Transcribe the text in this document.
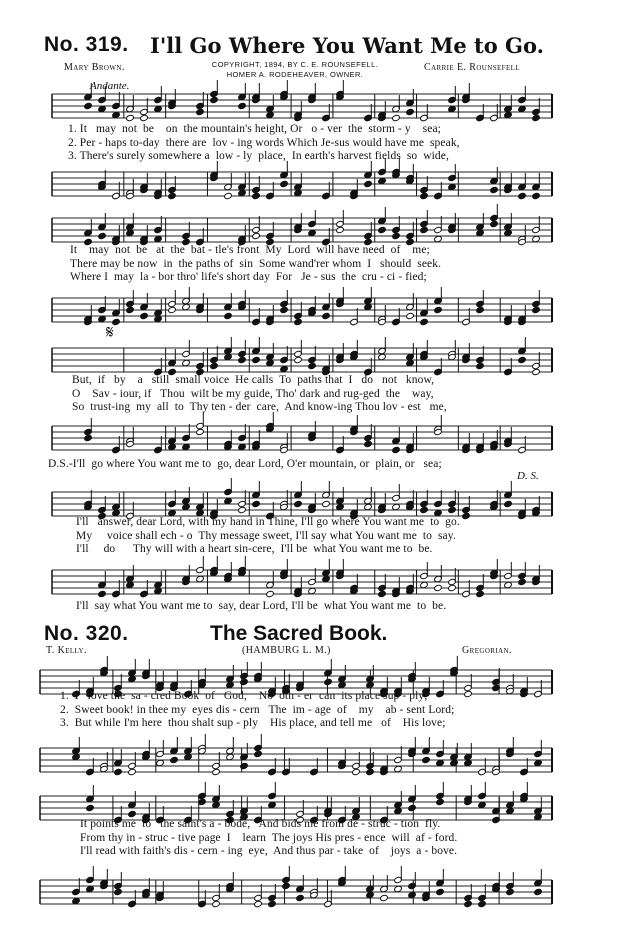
No. 319. I'll Go Where You Want Me to Go.
Mary Brown.	COPYRIGHT, 1894, BY C. E. ROUNSEFELL.
HOMER A. RODEHEAVER, OWNER.
Carrie E. Rounsefell
Andante.
1. It   may  not  be    on  the mountain's height, Or   o - ver  the  storm - y    sea;
2. Per - haps to-day  there are  lov - ing words Which Je-sus would have me  speak,
3. There's surely somewhere a  low - ly  place,  In earth's harvest fields  so  wide,
It    may  not  be   at  the  bat - tle's front  My  Lord  will have need  of    me;
There may be now  in  the paths of  sin  Some wand'rer whom  I   should  seek.
Where I  may  la - bor thro' life's short day  For   Je - sus  the  cru - ci - fied;
𝄋
But,  if   by    a   still  small voice  He calls  To  paths that  I   do   not   know,
O    Sav - iour, if   Thou  wilt be my guide, Tho' dark and rug-ged  the    way,
So  trust-ing  my  all  to  Thy ten - der  care,  And know-ing Thou lov - est   me,
D.S.-I'll  go where You want me to  go, dear Lord, O'er mountain, or  plain, or   sea;
D. S.
I'll   answer, dear Lord, with my hand in Thine, I'll go where You want me  to  go.
My     voice shall ech - o  Thy message sweet, I'll say what You want me  to  say.
I'll     do      Thy will with a heart sin-cere,  I'll be  what You want me to  be.
I'll  say what You want me to  say, dear Lord, I'll be  what You want me  to  be.
No. 320.	The Sacred Book.
T. Kelly.	(HAMBURG L. M.)	Gregorian.
1.  I   love the  sa - cred Book  of   God,    No  oth - er  can  its place sup - ply;
2.  Sweet book! in thee my  eyes dis - cern   The  im - age  of    my    ab - sent Lord;
3.  But while I'm here  thou shalt sup - ply    His place, and tell me   of    His love;
It points me  to   the saint's a - bode,   And bids me from de - struc - tion  fly.
From thy in - struc - tive page  I    learn  The joys His pres - ence  will  af - ford.
I'll read with faith's dis - cern - ing  eye,  And thus par - take  of    joys  a - bove.
